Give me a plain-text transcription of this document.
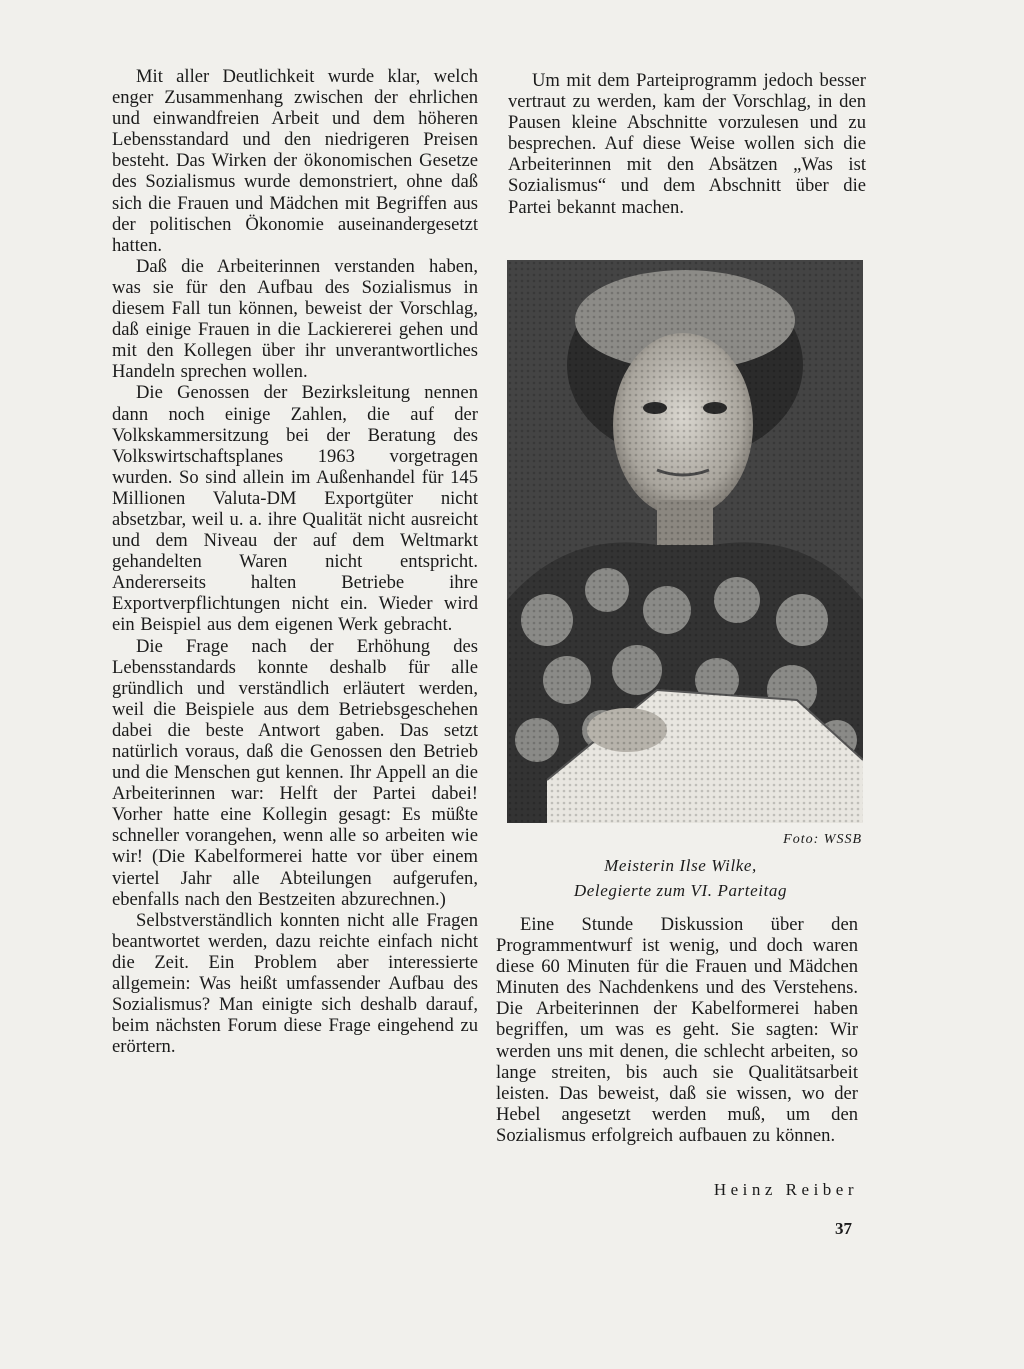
Mit aller Deutlichkeit wurde klar, welch enger Zusammenhang zwischen der ehrlichen und einwandfreien Arbeit und dem höheren Lebensstandard und den niedrigeren Preisen besteht. Das Wirken der ökonomischen Gesetze des Sozialismus wurde demonstriert, ohne daß sich die Frauen und Mädchen mit Begriffen aus der politischen Ökonomie auseinandergesetzt hatten.

Daß die Arbeiterinnen verstanden haben, was sie für den Aufbau des Sozialismus in diesem Fall tun können, beweist der Vorschlag, daß einige Frauen in die Lackiererei gehen und mit den Kollegen über ihr unverantwortliches Handeln sprechen wollen.

Die Genossen der Bezirksleitung nennen dann noch einige Zahlen, die auf der Volkskammersitzung bei der Beratung des Volkswirtschaftsplanes 1963 vorgetragen wurden. So sind allein im Außenhandel für 145 Millionen Valuta-DM Exportgüter nicht absetzbar, weil u. a. ihre Qualität nicht ausreicht und dem Niveau der auf dem Weltmarkt gehandelten Waren nicht entspricht. Andererseits halten Betriebe ihre Exportverpflichtungen nicht ein. Wieder wird ein Beispiel aus dem eigenen Werk gebracht.

Die Frage nach der Erhöhung des Lebensstandards konnte deshalb für alle gründlich und verständlich erläutert werden, weil die Beispiele aus dem Betriebsgeschehen dabei die beste Antwort gaben. Das setzt natürlich voraus, daß die Genossen den Betrieb und die Menschen gut kennen. Ihr Appell an die Arbeiterinnen war: Helft der Partei dabei! Vorher hatte eine Kollegin gesagt: Es müßte schneller vorangehen, wenn alle so arbeiten wie wir! (Die Kabelformerei hatte vor über einem viertel Jahr alle Abteilungen aufgerufen, ebenfalls nach den Bestzeiten abzurechnen.)

Selbstverständlich konnten nicht alle Fragen beantwortet werden, dazu reichte einfach nicht die Zeit. Ein Problem aber interessierte allgemein: Was heißt umfassender Aufbau des Sozialismus? Man einigte sich deshalb darauf, beim nächsten Forum diese Frage eingehend zu erörtern.

Um mit dem Parteiprogramm jedoch besser vertraut zu werden, kam der Vorschlag, in den Pausen kleine Abschnitte vorzulesen und zu besprechen. Auf diese Weise wollen sich die Arbeiterinnen mit den Absätzen „Was ist Sozialismus“ und dem Abschnitt über die Partei bekannt machen.

Foto: WSSB
Meisterin Ilse Wilke,
Delegierte zum VI. Parteitag

Eine Stunde Diskussion über den Programmentwurf ist wenig, und doch waren diese 60 Minuten für die Frauen und Mädchen Minuten des Nachdenkens und des Verstehens. Die Arbeiterinnen der Kabelformerei haben begriffen, um was es geht. Sie sagten: Wir werden uns mit denen, die schlecht arbeiten, so lange streiten, bis auch sie Qualitätsarbeit leisten. Das beweist, daß sie wissen, wo der Hebel angesetzt werden muß, um den Sozialismus erfolgreich aufbauen zu können.

Heinz Reiber
37
